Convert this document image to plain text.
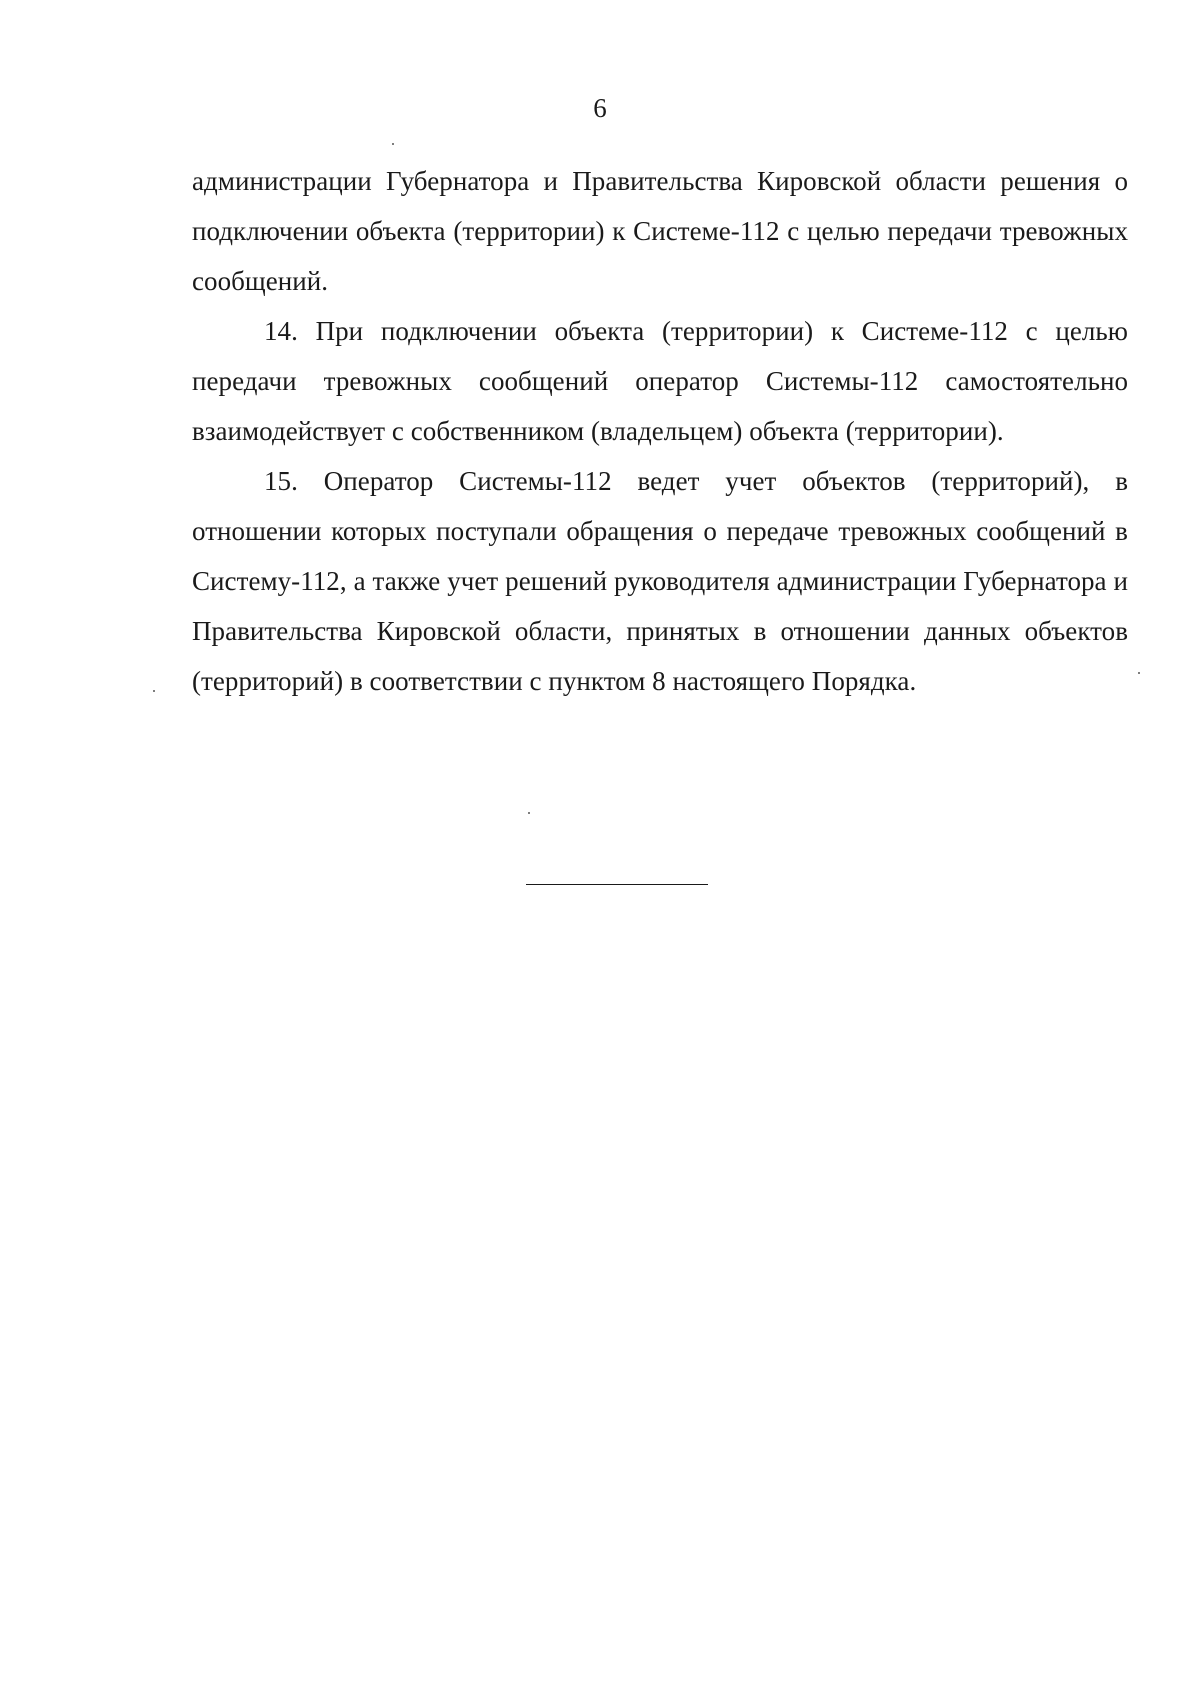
6

администрации Губернатора и Правительства Кировской области решения о подключении объекта (территории) к Системе-112 с целью передачи тревожных сообщений.

14. При подключении объекта (территории) к Системе-112 с целью передачи тревожных сообщений оператор Системы-112 самостоятельно взаимодействует с собственником (владельцем) объекта (территории).

15. Оператор Системы-112 ведет учет объектов (территорий), в отношении которых поступали обращения о передаче тревожных сообщений в Систему-112, а также учет решений руководителя администрации Губернатора и Правительства Кировской области, принятых в отношении данных объектов (территорий) в соответствии с пунктом 8 настоящего Порядка.
